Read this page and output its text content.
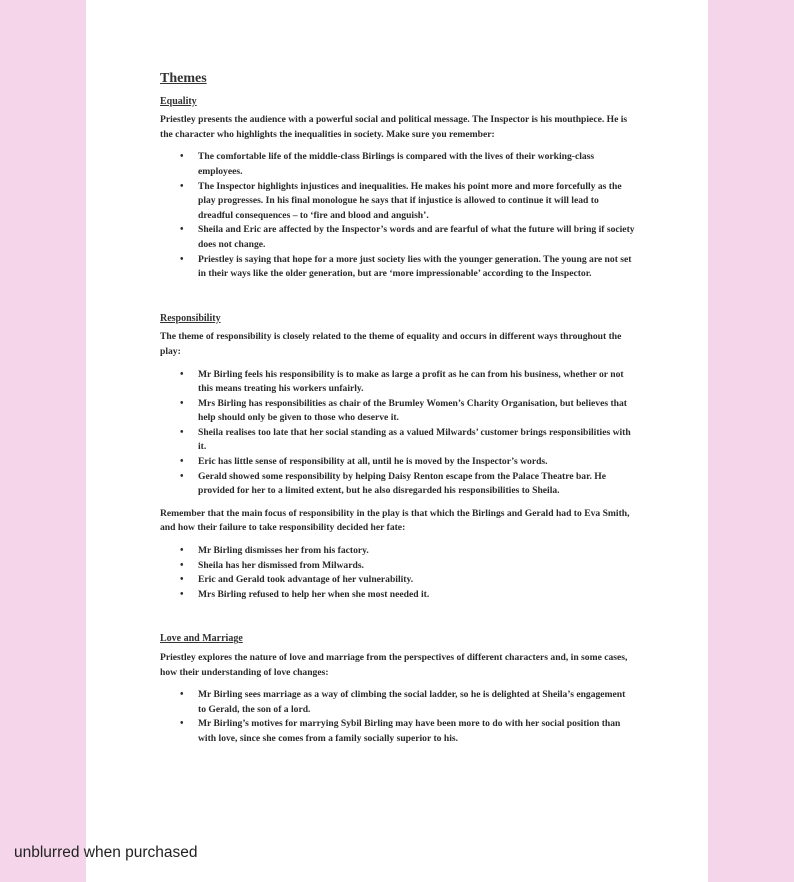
Themes
Equality

Priestley presents the audience with a powerful social and political message. The Inspector is his mouthpiece. He is the character who highlights the inequalities in society. Make sure you remember:

• The comfortable life of the middle-class Birlings is compared with the lives of their working-class employees.
• The Inspector highlights injustices and inequalities. He makes his point more and more forcefully as the play progresses. In his final monologue he says that if injustice is allowed to continue it will lead to dreadful consequences – to ‘fire and blood and anguish’.
• Sheila and Eric are affected by the Inspector’s words and are fearful of what the future will bring if society does not change.
• Priestley is saying that hope for a more just society lies with the younger generation. The young are not set in their ways like the older generation, but are ‘more impressionable’ according to the Inspector.
Responsibility

The theme of responsibility is closely related to the theme of equality and occurs in different ways throughout the play:

• Mr Birling feels his responsibility is to make as large a profit as he can from his business, whether or not this means treating his workers unfairly.
• Mrs Birling has responsibilities as chair of the Brumley Women’s Charity Organisation, but believes that help should only be given to those who deserve it.
• Sheila realises too late that her social standing as a valued Milwards’ customer brings responsibilities with it.
• Eric has little sense of responsibility at all, until he is moved by the Inspector’s words.
• Gerald showed some responsibility by helping Daisy Renton escape from the Palace Theatre bar. He provided for her to a limited extent, but he also disregarded his responsibilities to Sheila.

Remember that the main focus of responsibility in the play is that which the Birlings and Gerald had to Eva Smith, and how their failure to take responsibility decided her fate:

• Mr Birling dismisses her from his factory.
• Sheila has her dismissed from Milwards.
• Eric and Gerald took advantage of her vulnerability.
• Mrs Birling refused to help her when she most needed it.
Love and Marriage

Priestley explores the nature of love and marriage from the perspectives of different characters and, in some cases, how their understanding of love changes:

• Mr Birling sees marriage as a way of climbing the social ladder, so he is delighted at Sheila’s engagement to Gerald, the son of a lord.
• Mr Birling’s motives for marrying Sybil Birling may have been more to do with her social position than with love, since she comes from a family socially superior to his.
unblurred when purchased
